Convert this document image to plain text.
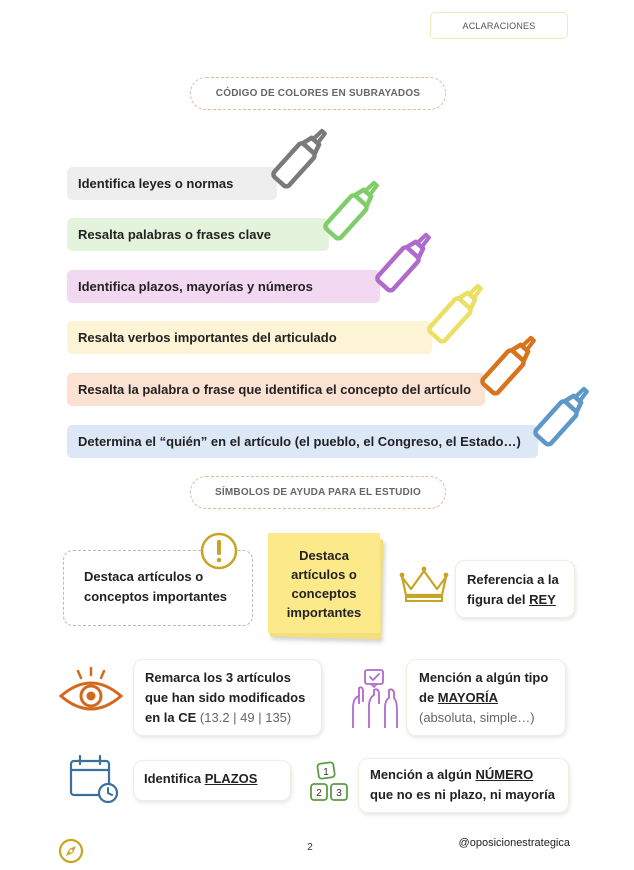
ACLARACIONES
CÓDIGO DE COLORES EN SUBRAYADOS
Identifica leyes o normas
Resalta palabras o frases clave
Identifica plazos, mayorías y números
Resalta verbos importantes del articulado
Resalta la palabra o frase que identifica el concepto del artículo
Determina el “quién” en el artículo (el pueblo, el Congreso, el Estado…)
SÍMBOLOS DE AYUDA PARA EL ESTUDIO
Destaca artículos o
conceptos importantes
Destaca
artículos o
conceptos
importantes
Referencia a la
figura del REY
Remarca los 3 artículos
que han sido modificados
en la CE (13.2 | 49 | 135)
Mención a algún tipo
de MAYORÍA
(absoluta, simple…)
Identifica PLAZOS	1
2 3
Mención a algún NÚMERO
que no es ni plazo, ni mayoría
2	@oposicionestrategica
